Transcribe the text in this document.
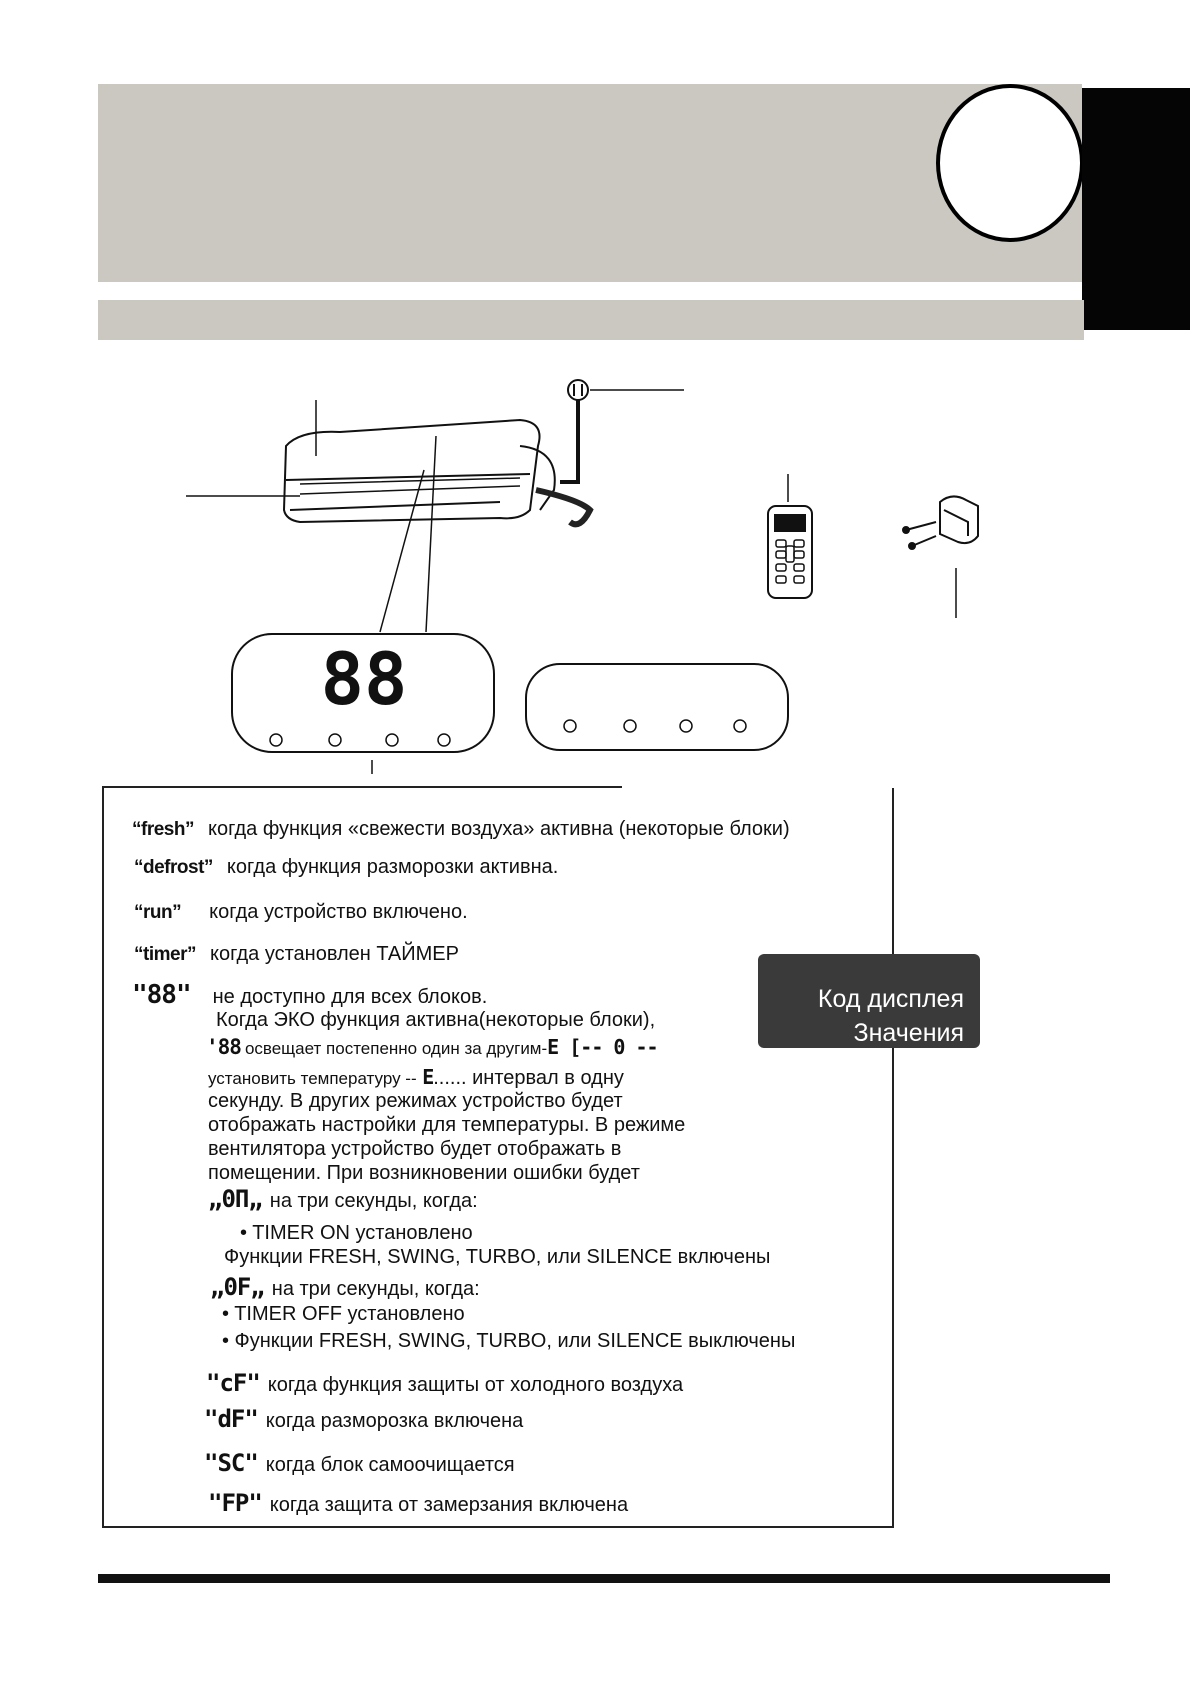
88
Код дисплея
Значения
“fresh” когда функция «свежести воздуха» активна (некоторые блоки)
“defrost” когда функция разморозки активна.
“run” когда устройство включено.
“timer” когда установлен ТАЙМЕР
"88" не доступно для всех блоков.
Когда ЭКО функция активна(некоторые блоки),
'88 освещает постепенно один за другим-E [-- 0 --
установить температуру -- E...... интервал в одну
секунду. В других режимах устройство будет
отображать настройки для температуры. В режиме
вентилятора устройство будет отображать в
помещении. При возникновении ошибки будет
„0П„ на три секунды, когда:
• TIMER ON установлено
Функции FRESH, SWING, TURBO, или SILENCE включены
„0F„ на три секунды, когда:
• TIMER OFF установлено
• Функции FRESH, SWING, TURBO, или SILENCE выключены
"cF" когда функция защиты от холодного воздуха
"dF" когда разморозка включена
"SC" когда блок самоочищается
"FP" когда защита от замерзания включена
